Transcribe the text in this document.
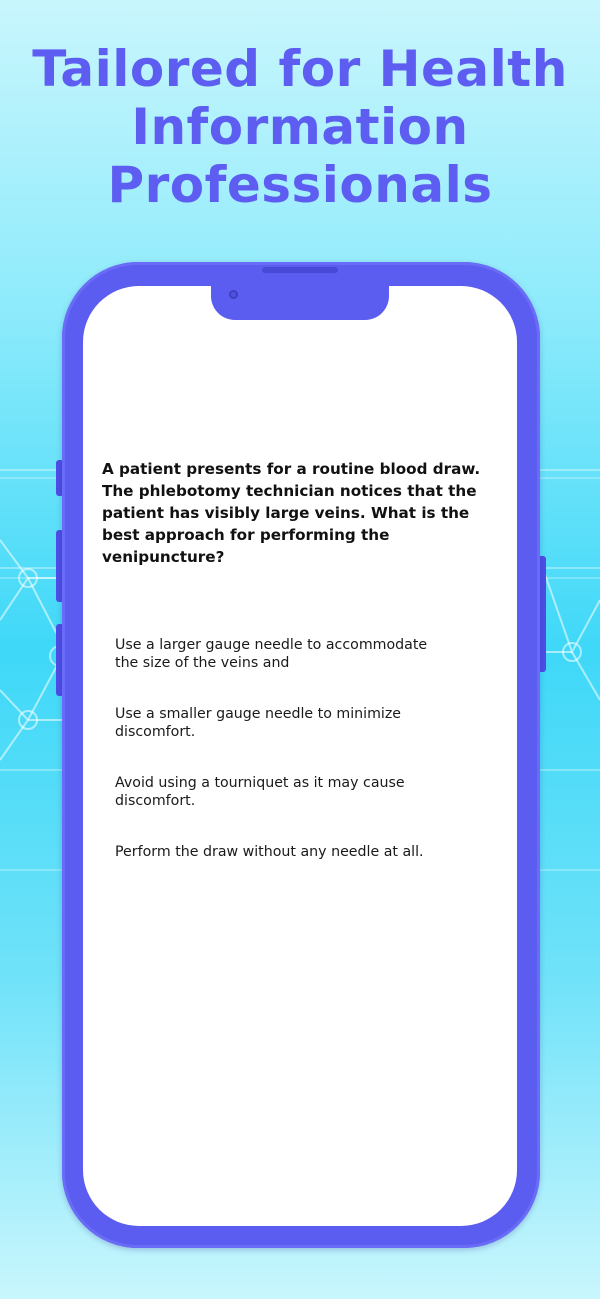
Tailored for Health
Information
Professionals

A patient presents for a routine blood draw. The phlebotomy technician notices that the patient has visibly large veins. What is the best approach for performing the venipuncture?

Use a larger gauge needle to accommodate the size of the veins and
Use a smaller gauge needle to minimize discomfort.
Avoid using a tourniquet as it may cause discomfort.
Perform the draw without any needle at all.
